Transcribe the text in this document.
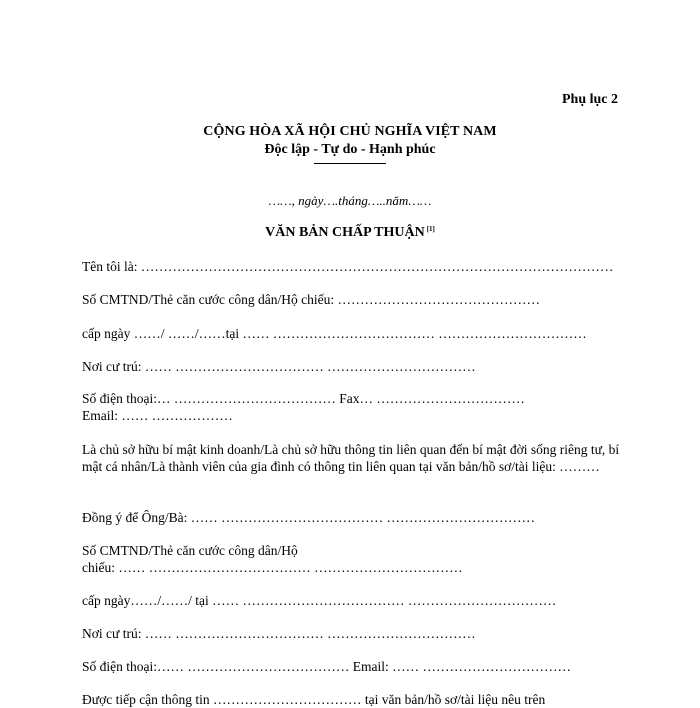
Phụ lục 2
CỘNG HÒA XÃ HỘI CHỦ NGHĨA VIỆT NAM
Độc lập - Tự do - Hạnh phúc
……, ngày….tháng…..năm……
VĂN BẢN CHẤP THUẬN [1]
Tên tôi là: ……………………………………………………………………………………………
Số CMTND/Thẻ căn cước công dân/Hộ chiếu: ………………………………………
cấp ngày ……/ ……/……tại …… ……………………………… ……………………………
Nơi cư trú: …… …………………………… ……………………………
Số điện thoại:… ……………………………… Fax… ……………………………
Email: …… ………………
Là chủ sở hữu bí mật kinh doanh/Là chủ sở hữu thông tin liên quan đến bí mật đời sống riêng tư, bí mật cá nhân/Là thành viên của gia đình có thông tin liên quan tại văn bản/hồ sơ/tài liệu: ………
Đồng ý để Ông/Bà: …… ……………………………… ……………………………
Số CMTND/Thẻ căn cước công dân/Hộ
chiếu: …… ……………………………… ……………………………
cấp ngày……/……/ tại …… ……………………………… ……………………………
Nơi cư trú: …… …………………………… ……………………………
Số điện thoại:…… ……………………………… Email: …… ……………………………
Được tiếp cận thông tin …………………………… tại văn bản/hồ sơ/tài liệu nêu trên
